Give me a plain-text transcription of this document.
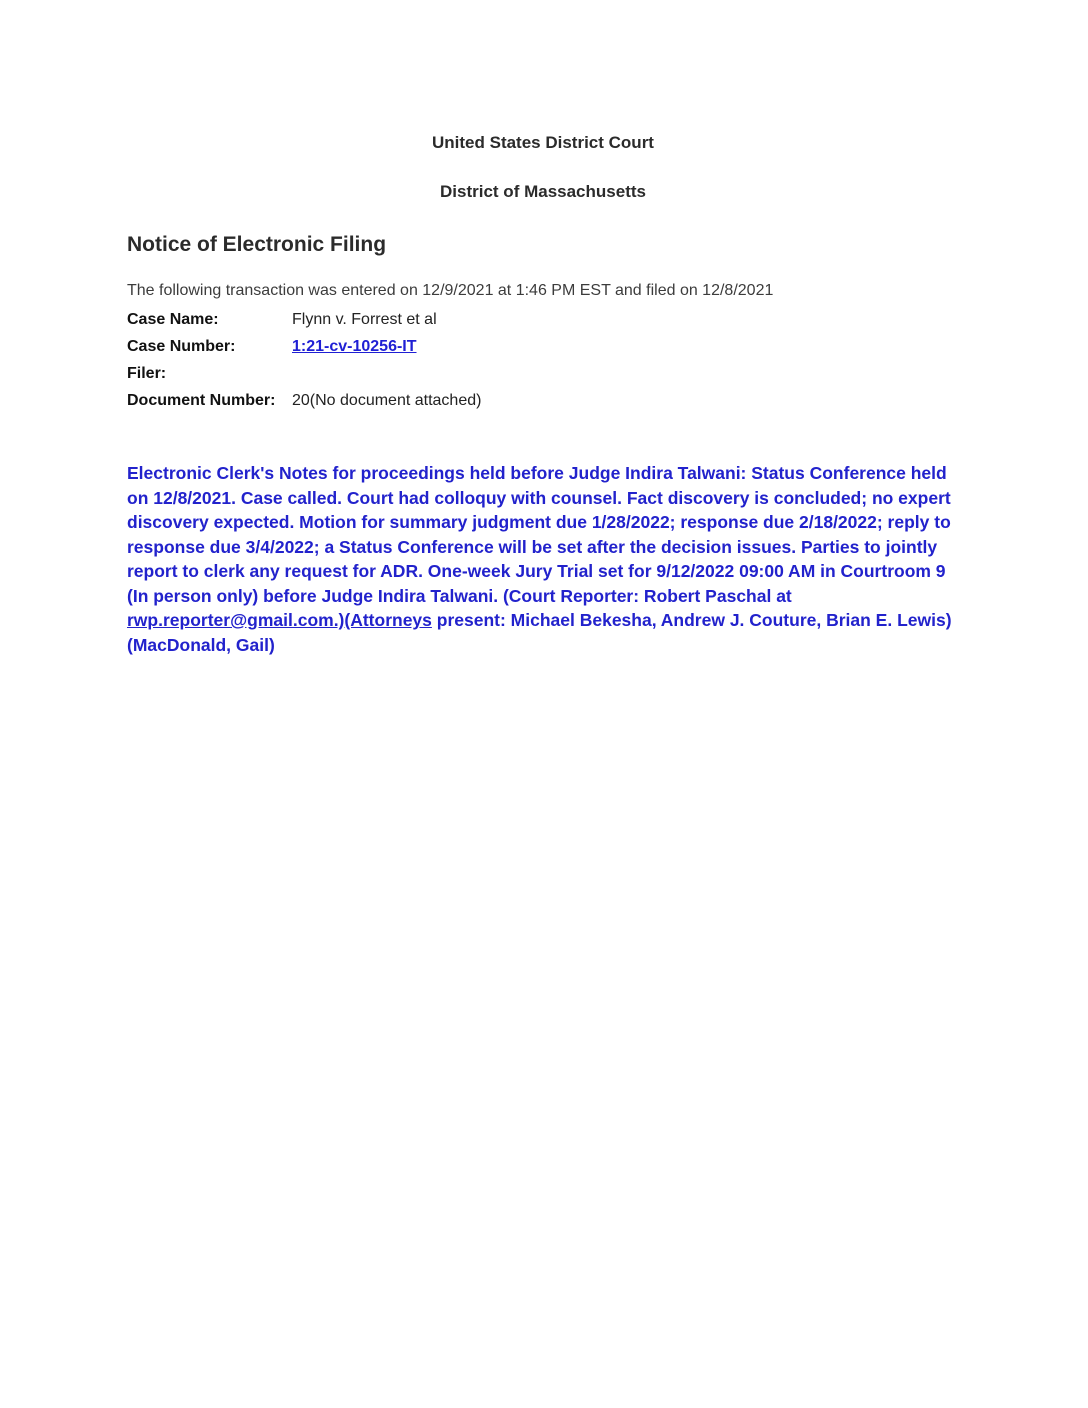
United States District Court
District of Massachusetts
Notice of Electronic Filing
The following transaction was entered on 12/9/2021 at 1:46 PM EST and filed on 12/8/2021
Case Name:	Flynn v. Forrest et al
Case Number:	1:21-cv-10256-IT
Filer:
Document Number:	20(No document attached)
Electronic Clerk's Notes for proceedings held before Judge Indira Talwani: Status Conference held on 12/8/2021. Case called. Court had colloquy with counsel. Fact discovery is concluded; no expert discovery expected. Motion for summary judgment due 1/28/2022; response due 2/18/2022; reply to response due 3/4/2022; a Status Conference will be set after the decision issues. Parties to jointly report to clerk any request for ADR. One-week Jury Trial set for 9/12/2022 09:00 AM in Courtroom 9 (In person only) before Judge Indira Talwani. (Court Reporter: Robert Paschal at rwp.reporter@gmail.com.)(Attorneys present: Michael Bekesha, Andrew J. Couture, Brian E. Lewis) (MacDonald, Gail)
